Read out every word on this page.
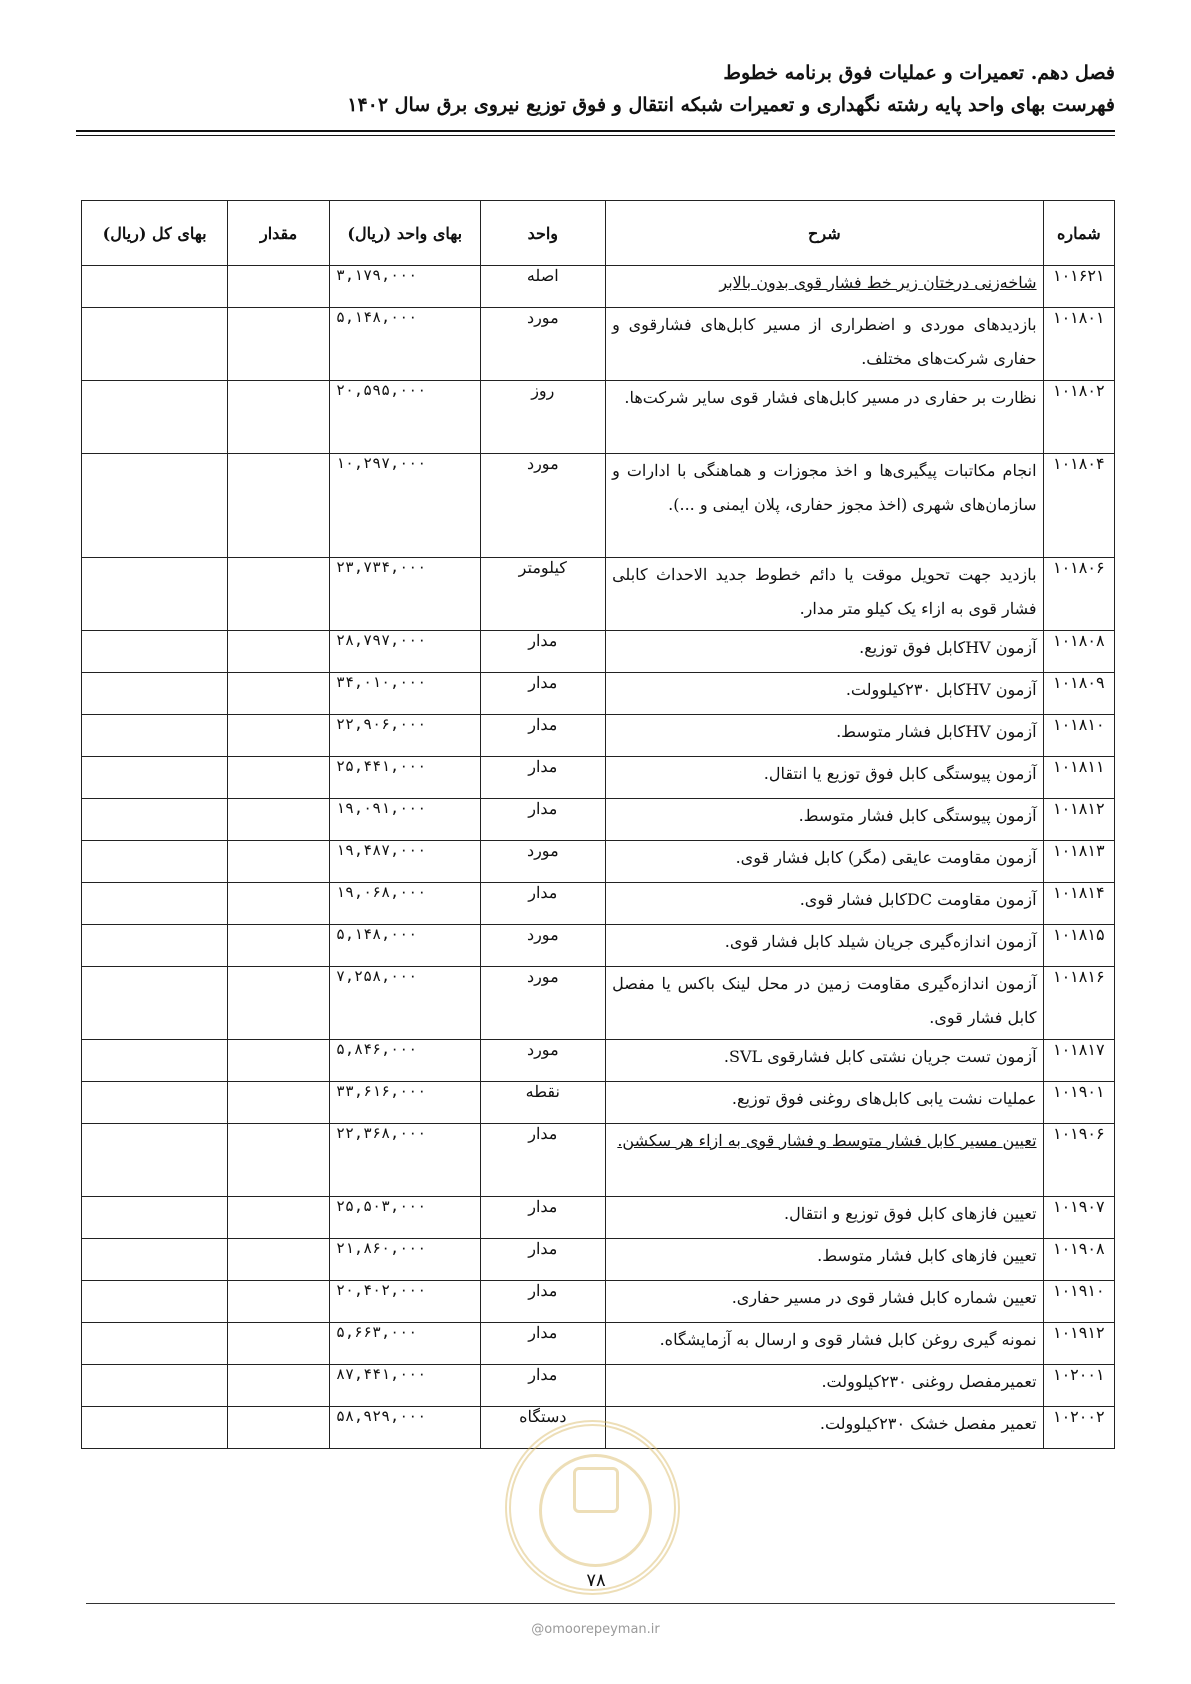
فصل دهم. تعمیرات و عملیات فوق برنامه خطوط
فهرست بهای واحد پایه رشته نگهداری و تعمیرات شبکه انتقال و فوق توزیع نیروی برق سال ۱۴۰۲
شماره	شرح	واحد	بهای واحد (ریال)	مقدار	بهای کل (ریال)
۱۰۱۶۲۱	شاخه‌زنی درختان زیر خط فشار قوی بدون بالابر	اصله	۳,۱۷۹,۰۰۰		
۱۰۱۸۰۱	بازدیدهای موردی و اضطراری از مسیر کابل‌های فشارقوی و حفاری شرکت‌های مختلف.	مورد	۵,۱۴۸,۰۰۰		
۱۰۱۸۰۲	نظارت بر حفاری در مسیر کابل‌های فشار قوی سایر شرکت‌ها.	روز	۲۰,۵۹۵,۰۰۰		
۱۰۱۸۰۴	انجام مکاتبات پیگیری‌ها و اخذ مجوزات و هماهنگی با ادارات و سازمان‌های شهری (اخذ مجوز حفاری، پلان ایمنی و ...).	مورد	۱۰,۲۹۷,۰۰۰		
۱۰۱۸۰۶	بازدید جهت تحویل موقت یا دائم خطوط جدید الاحداث کابلی فشار قوی به ازاء یک کیلو متر مدار.	کیلومتر	۲۳,۷۳۴,۰۰۰		
۱۰۱۸۰۸	آزمون HVکابل فوق توزیع.	مدار	۲۸,۷۹۷,۰۰۰		
۱۰۱۸۰۹	آزمون HVکابل ۲۳۰کیلوولت.	مدار	۳۴,۰۱۰,۰۰۰		
۱۰۱۸۱۰	آزمون HVکابل فشار متوسط.	مدار	۲۲,۹۰۶,۰۰۰		
۱۰۱۸۱۱	آزمون پیوستگی کابل فوق توزیع یا انتقال.	مدار	۲۵,۴۴۱,۰۰۰		
۱۰۱۸۱۲	آزمون پیوستگی کابل فشار متوسط.	مدار	۱۹,۰۹۱,۰۰۰		
۱۰۱۸۱۳	آزمون مقاومت عایقی (مگر) کابل فشار قوی.	مورد	۱۹,۴۸۷,۰۰۰		
۱۰۱۸۱۴	آزمون مقاومت DCکابل فشار قوی.	مدار	۱۹,۰۶۸,۰۰۰		
۱۰۱۸۱۵	آزمون اندازه‌گیری جریان شیلد کابل فشار قوی.	مورد	۵,۱۴۸,۰۰۰		
۱۰۱۸۱۶	آزمون اندازه‌گیری مقاومت زمین در محل لینک باکس یا مفصل کابل فشار قوی.	مورد	۷,۲۵۸,۰۰۰		
۱۰۱۸۱۷	آزمون تست جریان نشتی کابل فشارقوی SVL.	مورد	۵,۸۴۶,۰۰۰		
۱۰۱۹۰۱	عملیات نشت یابی کابل‌های روغنی فوق توزیع.	نقطه	۳۳,۶۱۶,۰۰۰		
۱۰۱۹۰۶	تعیین مسیر کابل فشار متوسط و فشار قوی به ازاء هر سکشن.	مدار	۲۲,۳۶۸,۰۰۰		
۱۰۱۹۰۷	تعیین فازهای کابل فوق توزیع و انتقال.	مدار	۲۵,۵۰۳,۰۰۰		
۱۰۱۹۰۸	تعیین فازهای کابل فشار متوسط.	مدار	۲۱,۸۶۰,۰۰۰		
۱۰۱۹۱۰	تعیین شماره کابل فشار قوی در مسیر حفاری.	مدار	۲۰,۴۰۲,۰۰۰		
۱۰۱۹۱۲	نمونه گیری روغن کابل فشار قوی و ارسال به آزمایشگاه.	مدار	۵,۶۶۳,۰۰۰		
۱۰۲۰۰۱	تعمیرمفصل روغنی ۲۳۰کیلوولت.	مدار	۸۷,۴۴۱,۰۰۰		
۱۰۲۰۰۲	تعمیر مفصل خشک ۲۳۰کیلوولت.	دستگاه	۵۸,۹۲۹,۰۰۰		
۷۸
@omoorepeyman.ir
